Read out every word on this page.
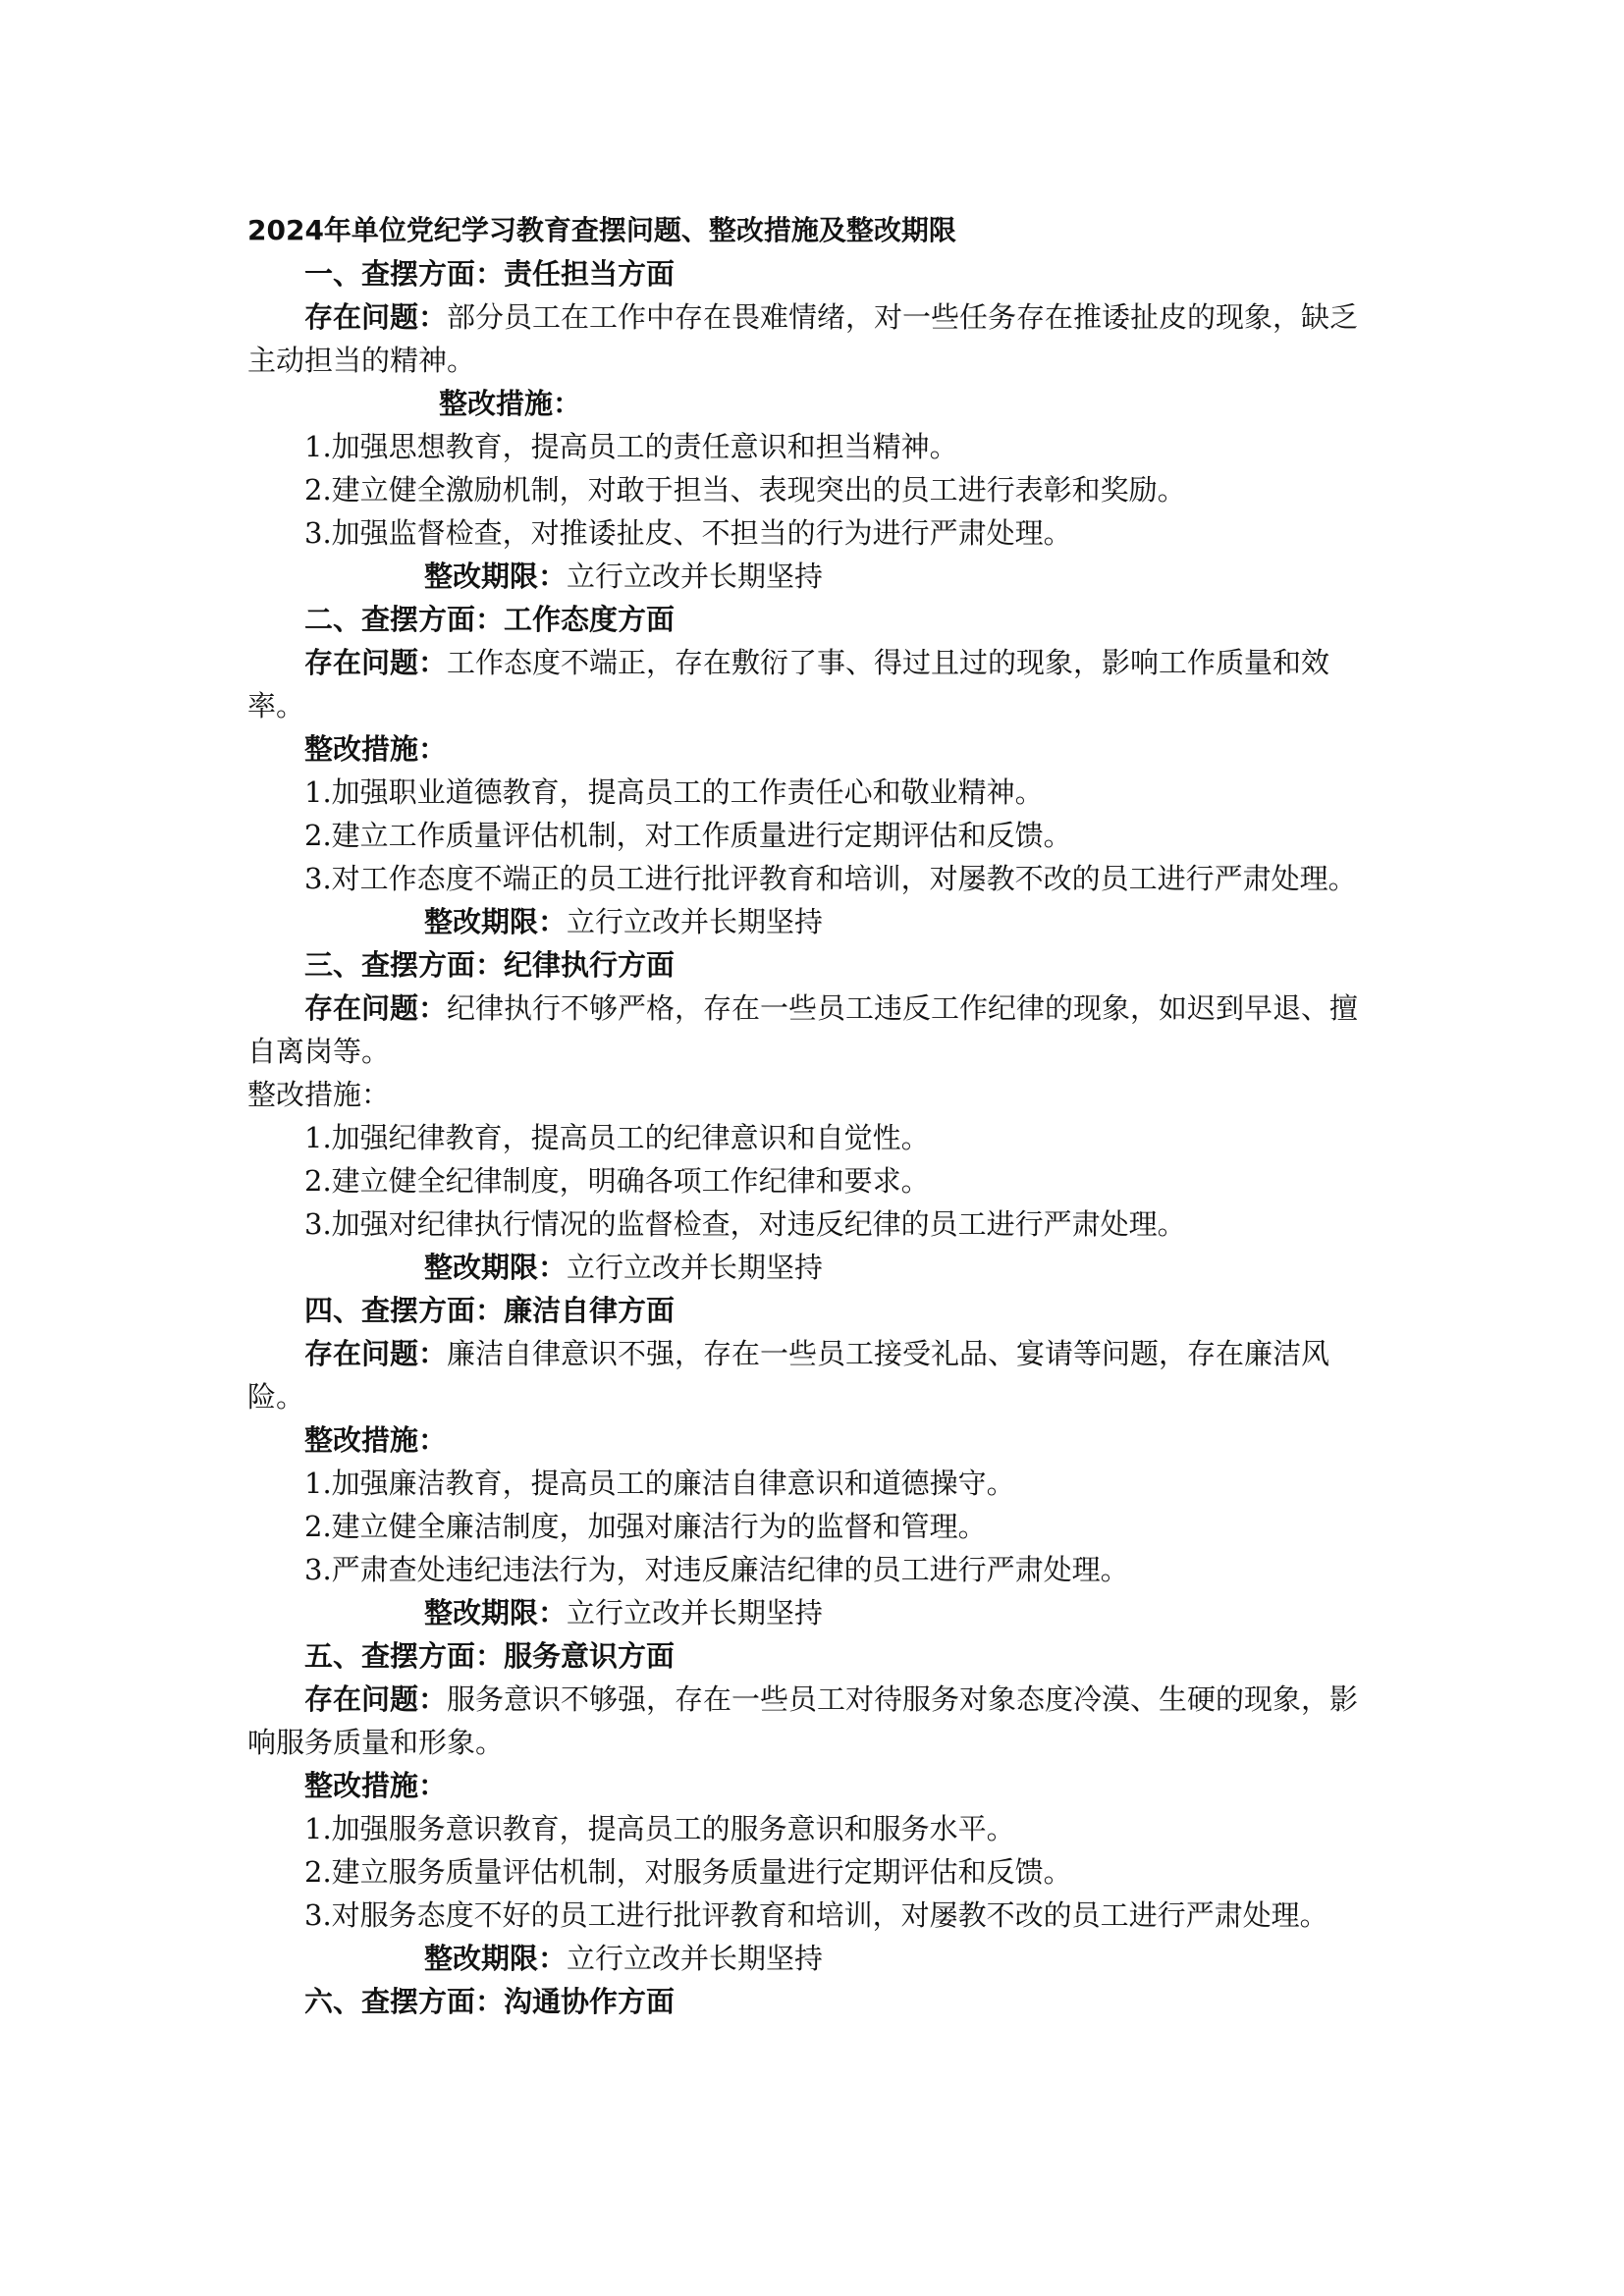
2024年单位党纪学习教育查摆问题、整改措施及整改期限
一、查摆方面：责任担当方面
存在问题：部分员工在工作中存在畏难情绪，对一些任务存在推诿扯皮的现象，缺乏主动担当的精神。
整改措施：
1.加强思想教育，提高员工的责任意识和担当精神。
2.建立健全激励机制，对敢于担当、表现突出的员工进行表彰和奖励。
3.加强监督检查，对推诿扯皮、不担当的行为进行严肃处理。
整改期限：立行立改并长期坚持
二、查摆方面：工作态度方面
存在问题：工作态度不端正，存在敷衍了事、得过且过的现象，影响工作质量和效率。
整改措施：
1.加强职业道德教育，提高员工的工作责任心和敬业精神。
2.建立工作质量评估机制，对工作质量进行定期评估和反馈。
3.对工作态度不端正的员工进行批评教育和培训，对屡教不改的员工进行严肃处理。
整改期限：立行立改并长期坚持
三、查摆方面：纪律执行方面
存在问题：纪律执行不够严格，存在一些员工违反工作纪律的现象，如迟到早退、擅自离岗等。
整改措施：
1.加强纪律教育，提高员工的纪律意识和自觉性。
2.建立健全纪律制度，明确各项工作纪律和要求。
3.加强对纪律执行情况的监督检查，对违反纪律的员工进行严肃处理。
整改期限：立行立改并长期坚持
四、查摆方面：廉洁自律方面
存在问题：廉洁自律意识不强，存在一些员工接受礼品、宴请等问题，存在廉洁风险。
整改措施：
1.加强廉洁教育，提高员工的廉洁自律意识和道德操守。
2.建立健全廉洁制度，加强对廉洁行为的监督和管理。
3.严肃查处违纪违法行为，对违反廉洁纪律的员工进行严肃处理。
整改期限：立行立改并长期坚持
五、查摆方面：服务意识方面
存在问题：服务意识不够强，存在一些员工对待服务对象态度冷漠、生硬的现象，影响服务质量和形象。
整改措施：
1.加强服务意识教育，提高员工的服务意识和服务水平。
2.建立服务质量评估机制，对服务质量进行定期评估和反馈。
3.对服务态度不好的员工进行批评教育和培训，对屡教不改的员工进行严肃处理。
整改期限：立行立改并长期坚持
六、查摆方面：沟通协作方面
